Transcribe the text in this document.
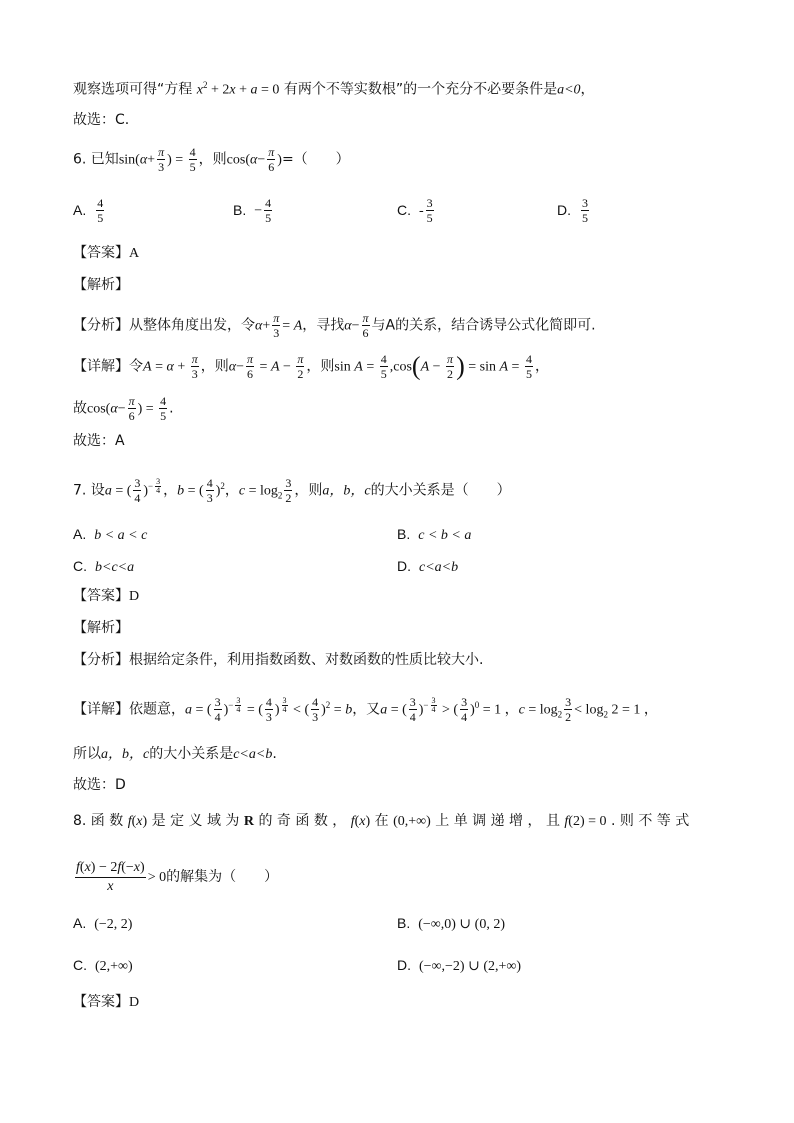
观察选项可得“方程 $x^2 + 2x + a = 0$ 有两个不等实数根”的一个充分不必要条件是a<0，
故选：C.
6. 已知$\sin(\alpha+ \frac{\pi}{3}$ ) = $\frac{4}{5}$ ，则$\cos(\alpha- \frac{\pi}{6}$ )=（　　）
A. $\frac{4}{5}$	B. − $\frac{4}{5}$	C. - $\frac{3}{5}$	D. $\frac{3}{5}$
【答案】A
【解析】
【分析】从整体角度出发，令$\alpha+ \frac{\pi}{3} = A$，寻找$\alpha- \frac{\pi}{6}$ 与A的关系，结合诱导公式化简即可.
【详解】令$A = \alpha + \frac{\pi}{3}$ ，则$\alpha- \frac{\pi}{6} = A - \frac{\pi}{2}$ ，则$\sin A = \frac{4}{5} ,\cos(A - \frac{\pi}{2}$ ) = $\sin A = \frac{4}{5}$ ，
故$\cos(\alpha- \frac{\pi}{6}$ ) = $\frac{4}{5}$ .
故选：A
7. 设a = ( $\frac{3}{4} )^{- \frac{3}{4}}$ ，b = ( $\frac{4}{3} )^2$，$c = \log_2 \frac{3}{2}$ ，则a，b，c的大小关系是（　　）
A. b < a < c	B. c < b < a
C. b<c<a	D. c<a<b
【答案】D
【解析】
【分析】根据给定条件，利用指数函数、对数函数的性质比较大小.
【详解】依题意，a = ( $\frac{3}{4} )^{- \frac{3}{4}}$ = ( $\frac{4}{3}$ ) $^{\frac{3}{4}}$ < ( $\frac{4}{3} )^2 = b$，又a = ( $\frac{3}{4} )^{- \frac{3}{4}}$ > ( $\frac{3}{4} )^0 = 1$ ，$c = \log_2 \frac{3}{2} < \log_2 2 = 1$ ，
所以a，b，c的大小关系是c<a<b.
故选：D
8. 函 数 f(x) 是 定 义 域 为 R 的 奇 函 数 ， f(x) 在 (0,+∞) 上 单 调 递 增 ， 且 f(2) = 0 . 则 不 等 式
$\frac{f(x) - 2f(-x)}{x} > 0$的解集为（　　）
A. (−2, 2)	B. (−∞,0) ∪ (0, 2)
C. (2,+∞)	D. (−∞,−2) ∪ (2,+∞)
【答案】D
